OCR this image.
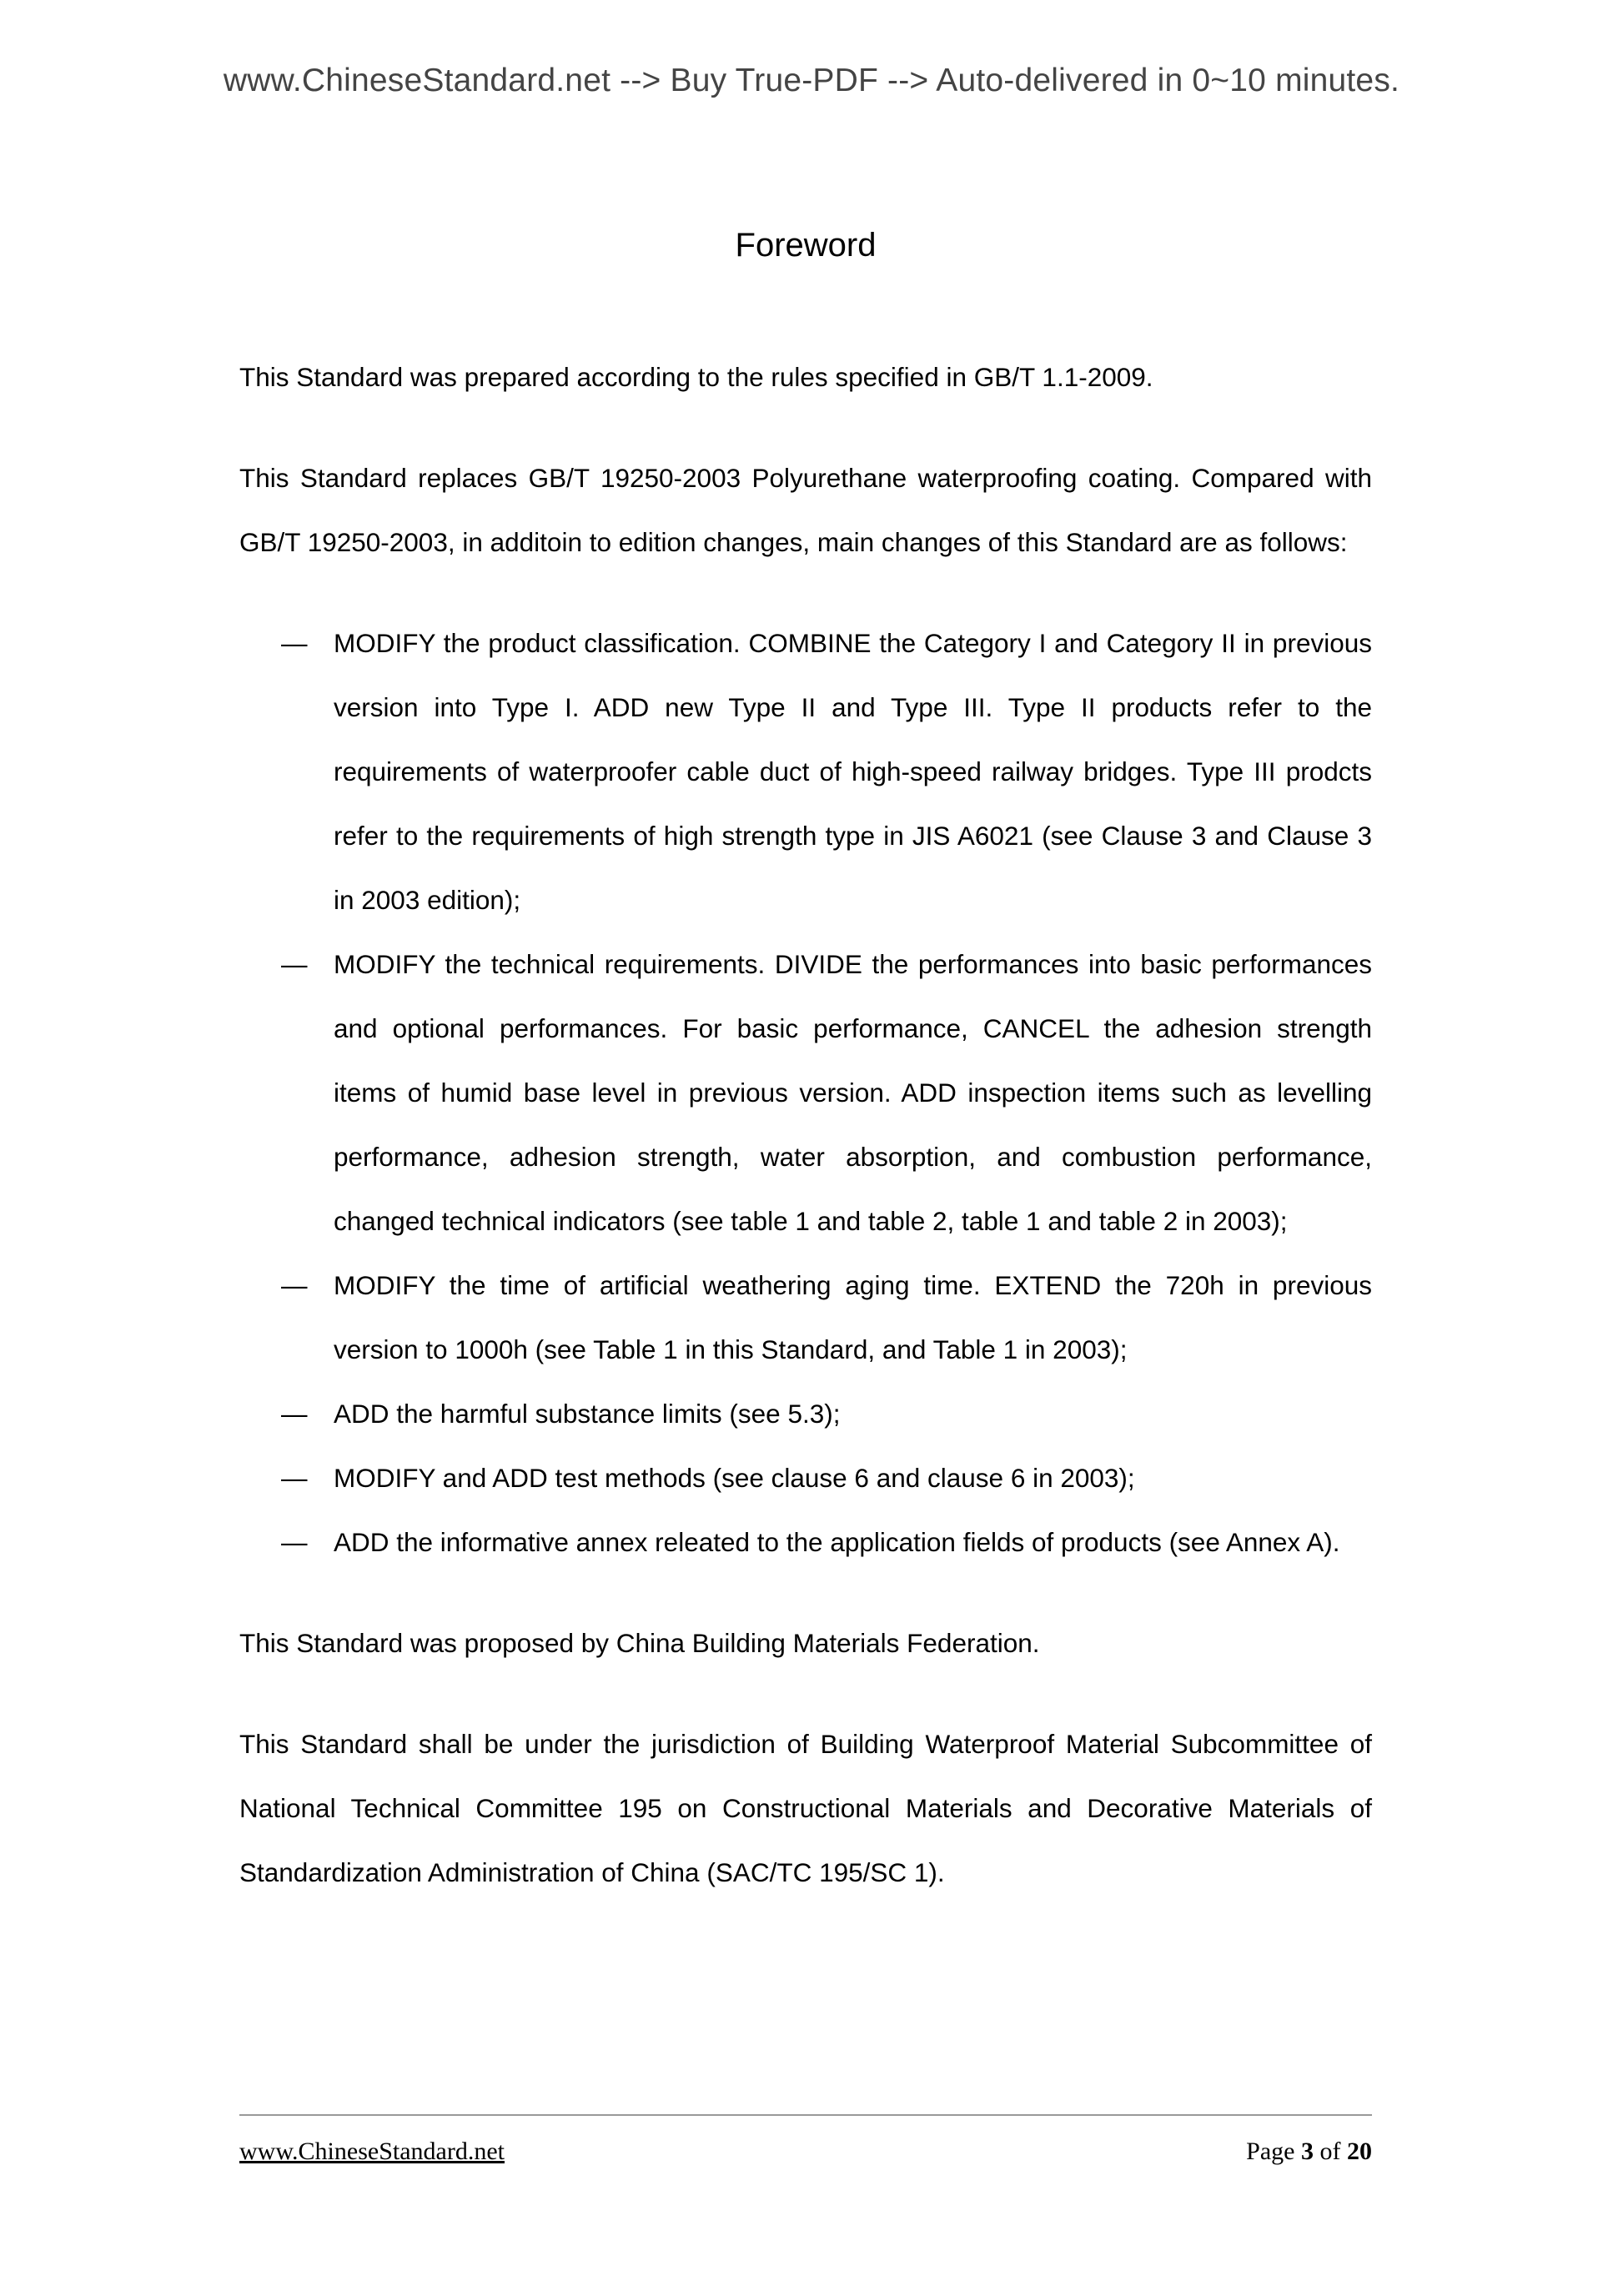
www.ChineseStandard.net --> Buy True-PDF --> Auto-delivered in 0~10 minutes.
Foreword

This Standard was prepared according to the rules specified in GB/T 1.1-2009.

This Standard replaces GB/T 19250-2003 Polyurethane waterproofing coating. Compared with GB/T 19250-2003, in additoin to edition changes, main changes of this Standard are as follows:

— MODIFY the product classification. COMBINE the Category I and Category II in previous version into Type I. ADD new Type II and Type III. Type II products refer to the requirements of waterproofer cable duct of high-speed railway bridges. Type III prodcts refer to the requirements of high strength type in JIS A6021 (see Clause 3 and Clause 3 in 2003 edition);
— MODIFY the technical requirements. DIVIDE the performances into basic performances and optional performances. For basic performance, CANCEL the adhesion strength items of humid base level in previous version. ADD inspection items such as levelling performance, adhesion strength, water absorption, and combustion performance, changed technical indicators (see table 1 and table 2, table 1 and table 2 in 2003);
— MODIFY the time of artificial weathering aging time. EXTEND the 720h in previous version to 1000h (see Table 1 in this Standard, and Table 1 in 2003);
— ADD the harmful substance limits (see 5.3);
— MODIFY and ADD test methods (see clause 6 and clause 6 in 2003);
— ADD the informative annex releated to the application fields of products (see Annex A).

This Standard was proposed by China Building Materials Federation.

This Standard shall be under the jurisdiction of Building Waterproof Material Subcommittee of National Technical Committee 195 on Constructional Materials and Decorative Materials of Standardization Administration of China (SAC/TC 195/SC 1).

www.ChineseStandard.net	Page 3 of 20
